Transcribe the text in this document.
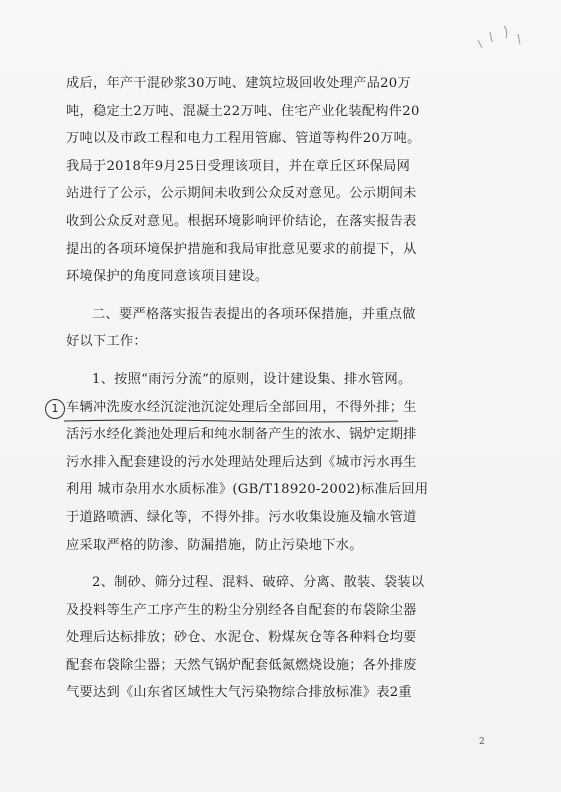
成后，年产干混砂浆30万吨、建筑垃圾回收处理产品20万
吨，稳定土2万吨、混凝土22万吨、住宅产业化装配构件20
万吨以及市政工程和电力工程用管廊、管道等构件20万吨。
我局于2018年9月25日受理该项目，并在章丘区环保局网
站进行了公示，公示期间未收到公众反对意见。公示期间未
收到公众反对意见。根据环境影响评价结论，在落实报告表
提出的各项环境保护措施和我局审批意见要求的前提下，从
环境保护的角度同意该项目建设。
二、要严格落实报告表提出的各项环保措施，并重点做
好以下工作：
1、按照“雨污分流”的原则，设计建设集、排水管网。
车辆冲洗废水经沉淀池沉淀处理后全部回用，不得外排；生
活污水经化粪池处理后和纯水制备产生的浓水、锅炉定期排
污水排入配套建设的污水处理站处理后达到《城市污水再生
利用 城市杂用水水质标准》(GB/T18920-2002)标准后回用
于道路喷洒、绿化等，不得外排。污水收集设施及输水管道
应采取严格的防渗、防漏措施，防止污染地下水。
2、制砂、筛分过程、混料、破碎、分离、散装、袋装以
及投料等生产工序产生的粉尘分别经各自配套的布袋除尘器
处理后达标排放；砂仓、水泥仓、粉煤灰仓等各种料仓均要
配套布袋除尘器；天然气锅炉配套低氮燃烧设施；各外排废
气要达到《山东省区域性大气污染物综合排放标准》表2重
1
2
